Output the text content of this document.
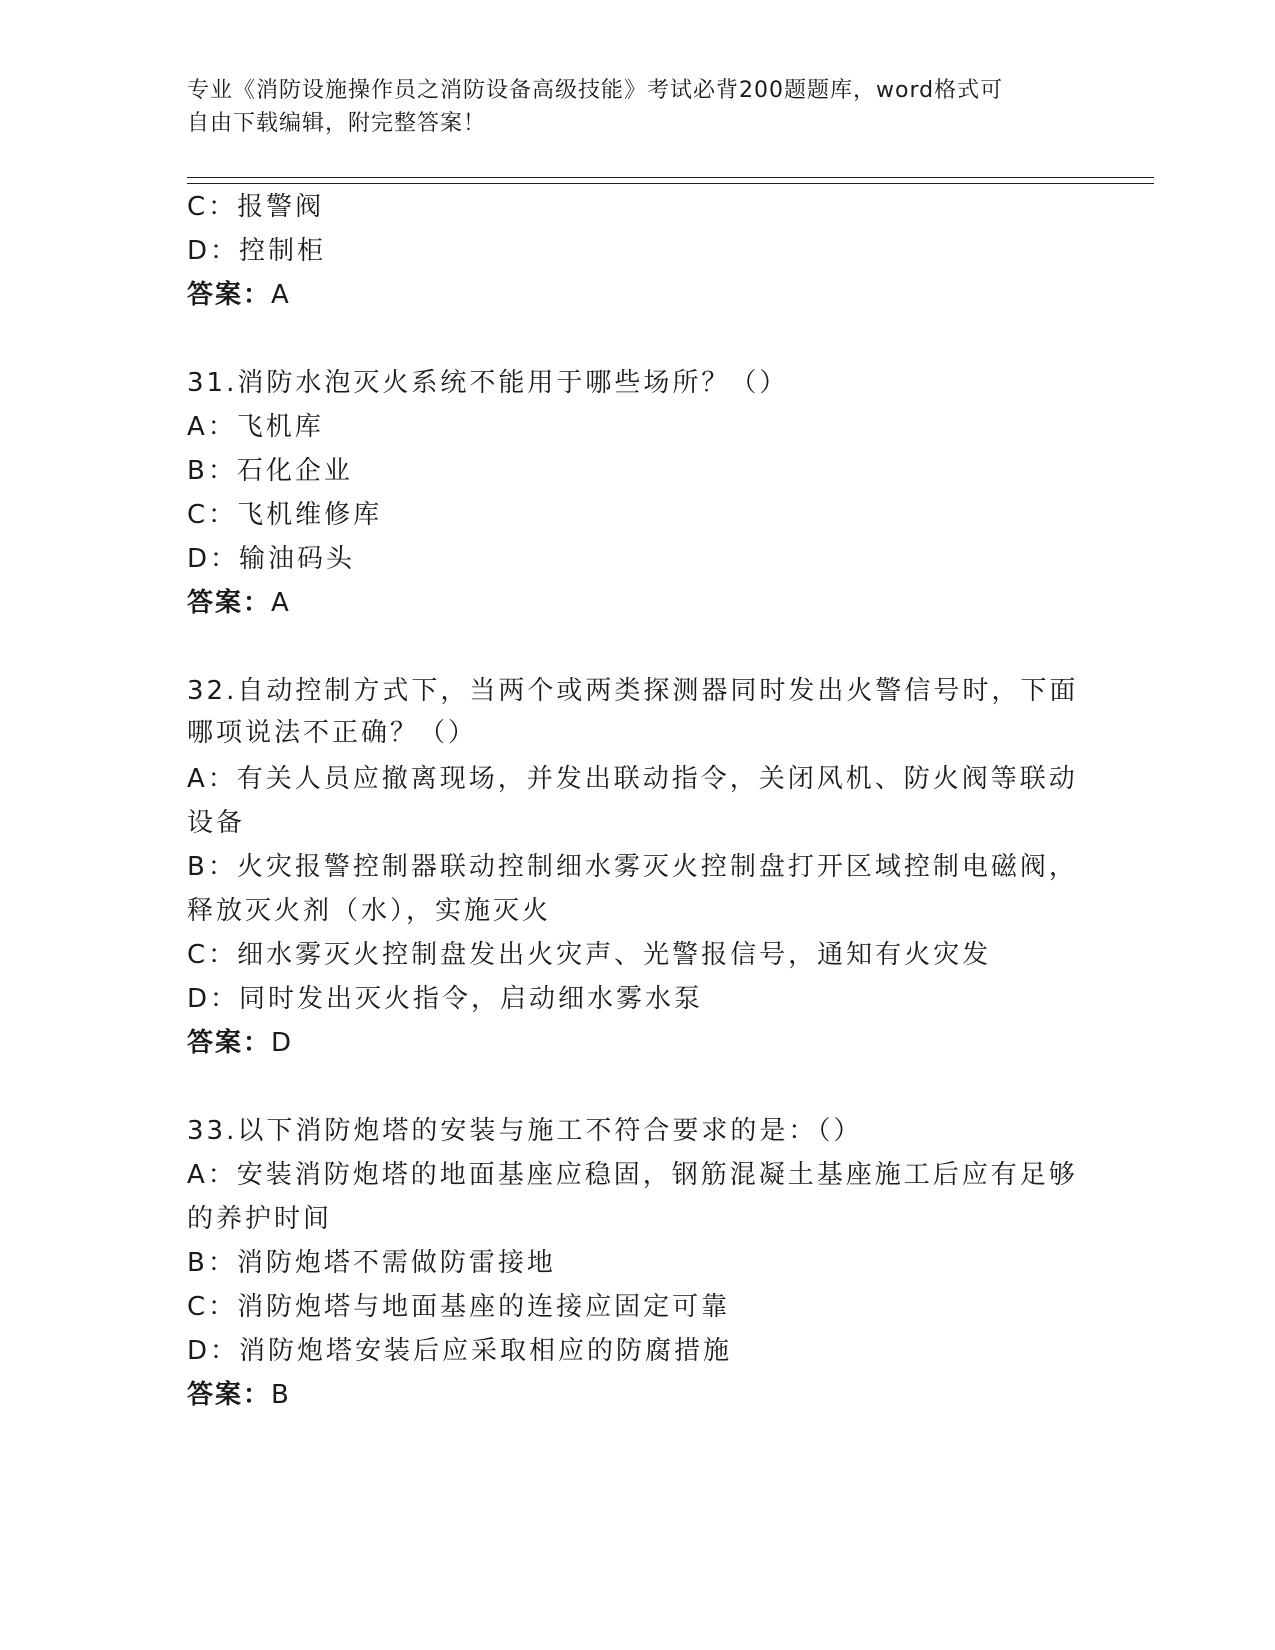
专业《消防设施操作员之消防设备高级技能》考试必背200题题库，word格式可
自由下载编辑，附完整答案！
C：报警阀
D：控制柜
答案：A
31.消防水泡灭火系统不能用于哪些场所？（）
A：飞机库
B：石化企业
C：飞机维修库
D：输油码头
答案：A
32.自动控制方式下，当两个或两类探测器同时发出火警信号时，下面
哪项说法不正确？（）
A：有关人员应撤离现场，并发出联动指令，关闭风机、防火阀等联动
设备
B：火灾报警控制器联动控制细水雾灭火控制盘打开区域控制电磁阀，
释放灭火剂（水），实施灭火
C：细水雾灭火控制盘发出火灾声、光警报信号，通知有火灾发
D：同时发出灭火指令，启动细水雾水泵
答案：D
33.以下消防炮塔的安装与施工不符合要求的是：（）
A：安装消防炮塔的地面基座应稳固，钢筋混凝土基座施工后应有足够
的养护时间
B：消防炮塔不需做防雷接地
C：消防炮塔与地面基座的连接应固定可靠
D：消防炮塔安装后应采取相应的防腐措施
答案：B
